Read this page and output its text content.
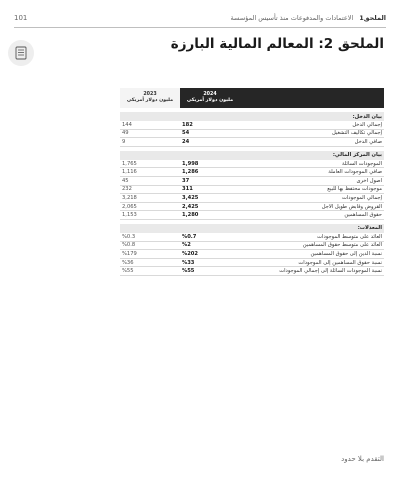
101	الملحق1
الاعتمادات والمدفوعات منذ تأسيس المؤسسة
الملحق 2: المعالم المالية البارزة
2024
مليون دولار أمريكي
2023
مليون دولار أمريكي
بيان الدخل:
إجمالي الدخل
182
144
إجمالي تكاليف التشغيل
54
49
صافي الدخل
24
9
بيان المركز المالي:
الموجودات السائلة
1,998
1,765
صافي الموجودات العاملة
1,286
1,116
أصول أخرى
37
45
موجودات محتفظ بها للبيع
311
232
إجمالي الموجودات
3,425
3,218
القروض وقابض طويل الأجل
2,425
2,065
حقوق المساهمين
1,280
1,153
المعدلات:
العائد على متوسط الموجودات
%0.7
%0.3
العائد على متوسط حقوق المساهمين
%2
%0.8
نسبة الدين إلى حقوق المساهمين
%202
%179
نسبة حقوق المساهمين إلى الموجودات
%33
%36
نسبة الموجودات السائلة إلى إجمالي الموجودات
%55
%55
التقدم بلا حدود
